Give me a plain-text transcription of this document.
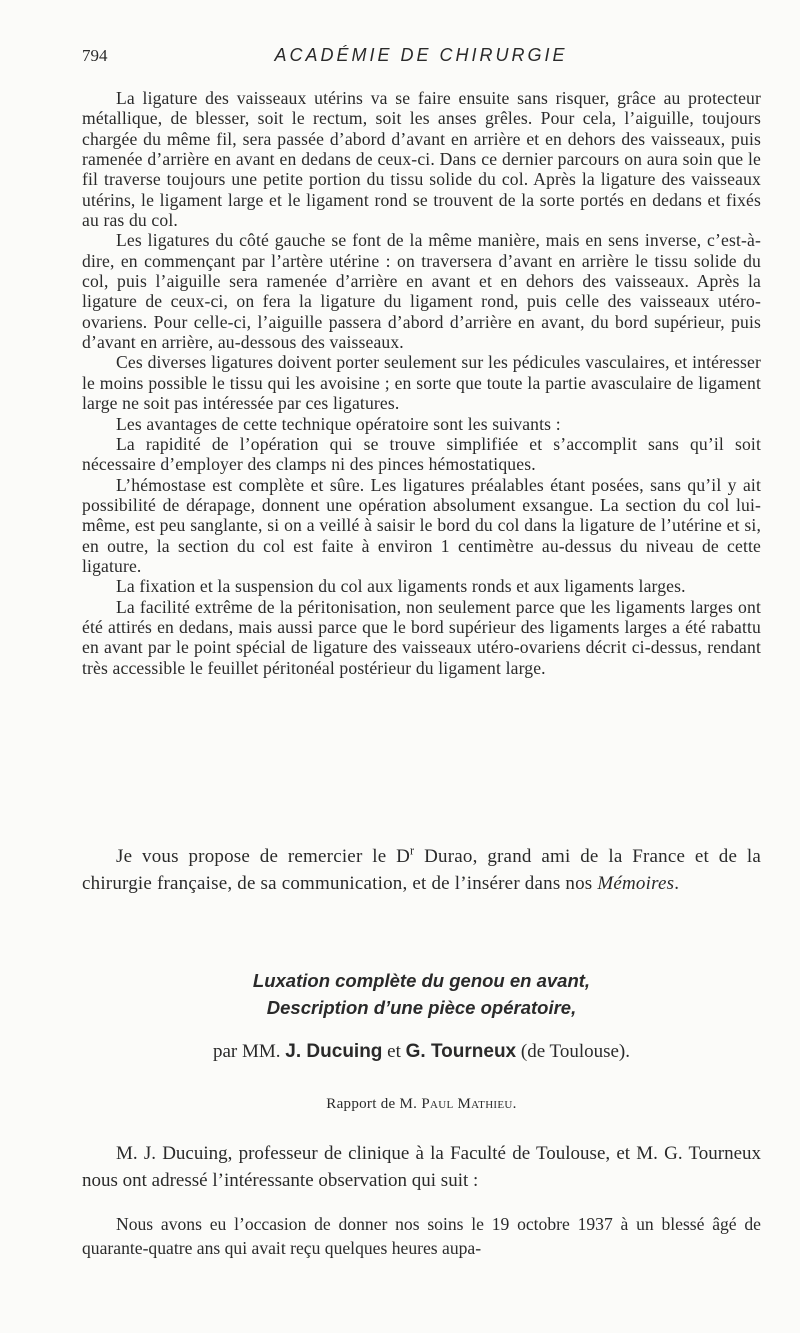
794	ACADÉMIE DE CHIRURGIE

La ligature des vaisseaux utérins va se faire ensuite sans risquer, grâce au protecteur métallique, de blesser, soit le rectum, soit les anses grêles. Pour cela, l’aiguille, toujours chargée du même fil, sera passée d’abord d’avant en arrière et en dehors des vaisseaux, puis ramenée d’arrière en avant en dedans de ceux-ci. Dans ce dernier parcours on aura soin que le fil traverse toujours une petite portion du tissu solide du col. Après la ligature des vaisseaux utérins, le ligament large et le ligament rond se trouvent de la sorte portés en dedans et fixés au ras du col.

Les ligatures du côté gauche se font de la même manière, mais en sens inverse, c’est-à-dire, en commençant par l’artère utérine : on traversera d’avant en arrière le tissu solide du col, puis l’aiguille sera ramenée d’arrière en avant et en dehors des vaisseaux. Après la ligature de ceux-ci, on fera la ligature du ligament rond, puis celle des vaisseaux utéro-ovariens. Pour celle-ci, l’aiguille passera d’abord d’arrière en avant, du bord supérieur, puis d’avant en arrière, au-dessous des vaisseaux.

Ces diverses ligatures doivent porter seulement sur les pédicules vasculaires, et intéresser le moins possible le tissu qui les avoisine ; en sorte que toute la partie avasculaire de ligament large ne soit pas intéressée par ces ligatures.

Les avantages de cette technique opératoire sont les suivants :

La rapidité de l’opération qui se trouve simplifiée et s’accomplit sans qu’il soit nécessaire d’employer des clamps ni des pinces hémostatiques.

L’hémostase est complète et sûre. Les ligatures préalables étant posées, sans qu’il y ait possibilité de dérapage, donnent une opération absolument exsangue. La section du col lui-même, est peu sanglante, si on a veillé à saisir le bord du col dans la ligature de l’utérine et si, en outre, la section du col est faite à environ 1 centimètre au-dessus du niveau de cette ligature.

La fixation et la suspension du col aux ligaments ronds et aux ligaments larges.

La facilité extrême de la péritonisation, non seulement parce que les ligaments larges ont été attirés en dedans, mais aussi parce que le bord supérieur des ligaments larges a été rabattu en avant par le point spécial de ligature des vaisseaux utéro-ovariens décrit ci-dessus, rendant très accessible le feuillet péritonéal postérieur du ligament large.

Je vous propose de remercier le $D^r$ Durao, grand ami de la France et de la chirurgie française, de sa communication, et de l’insérer dans nos Mémoires.

Luxation complète du genou en avant,
Description d’une pièce opératoire,
par MM. J. Ducuing et G. Tourneux (de Toulouse).
Rapport de M. Paul Mathieu.

M. J. Ducuing, professeur de clinique à la Faculté de Toulouse, et M. G. Tourneux nous ont adressé l’intéressante observation qui suit :

Nous avons eu l’occasion de donner nos soins le 19 octobre 1937 à un blessé âgé de quarante-quatre ans qui avait reçu quelques heures aupa-
